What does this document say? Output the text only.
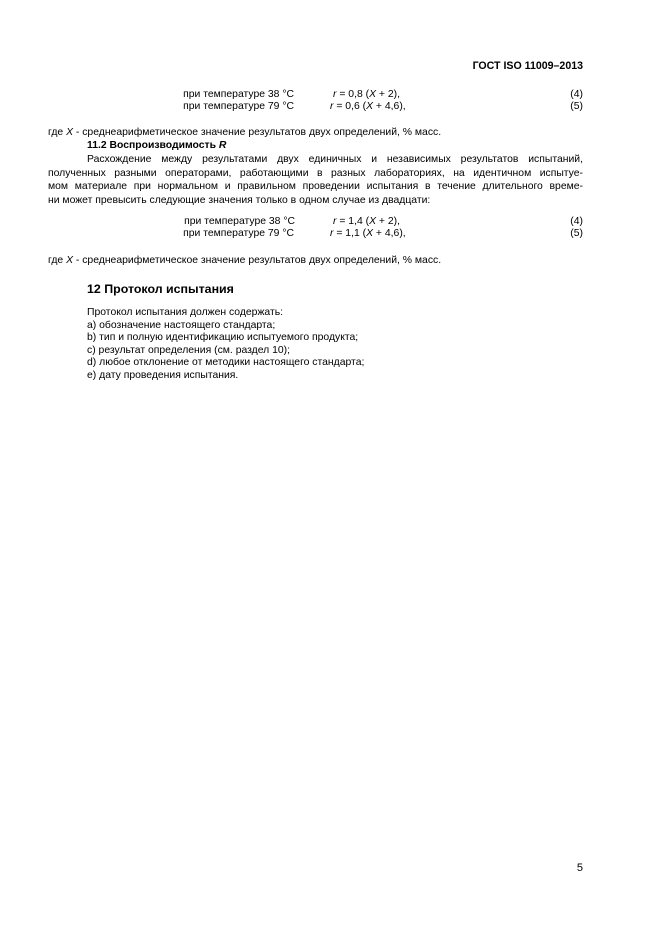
ГОСТ ISO 11009–2013
при температуре 38 °С	r = 0,8 (X + 2),	(4)
при температуре 79 °С	r = 0,6 (X + 4,6),	(5)
где X - среднеарифметическое значение результатов двух определений, % масс.
11.2 Воспроизводимость R
Расхождение между результатами двух единичных и независимых результатов испытаний,
полученных разными операторами, работающими в разных лабораториях, на идентичном испытуе-
мом материале при нормальном и правильном проведении испытания в течение длительного време-
ни может превысить следующие значения только в одном случае из двадцати:
при температуре 38 °С	r = 1,4 (X + 2),	(4)
при температуре 79 °С	r = 1,1 (X + 4,6),	(5)
где X - среднеарифметическое значение результатов двух определений, % масс.
12 Протокол испытания
Протокол испытания должен содержать:
а) обозначение настоящего стандарта;
b) тип и полную идентификацию испытуемого продукта;
c) результат определения (см. раздел 10);
d) любое отклонение от методики настоящего стандарта;
e) дату проведения испытания.
5
